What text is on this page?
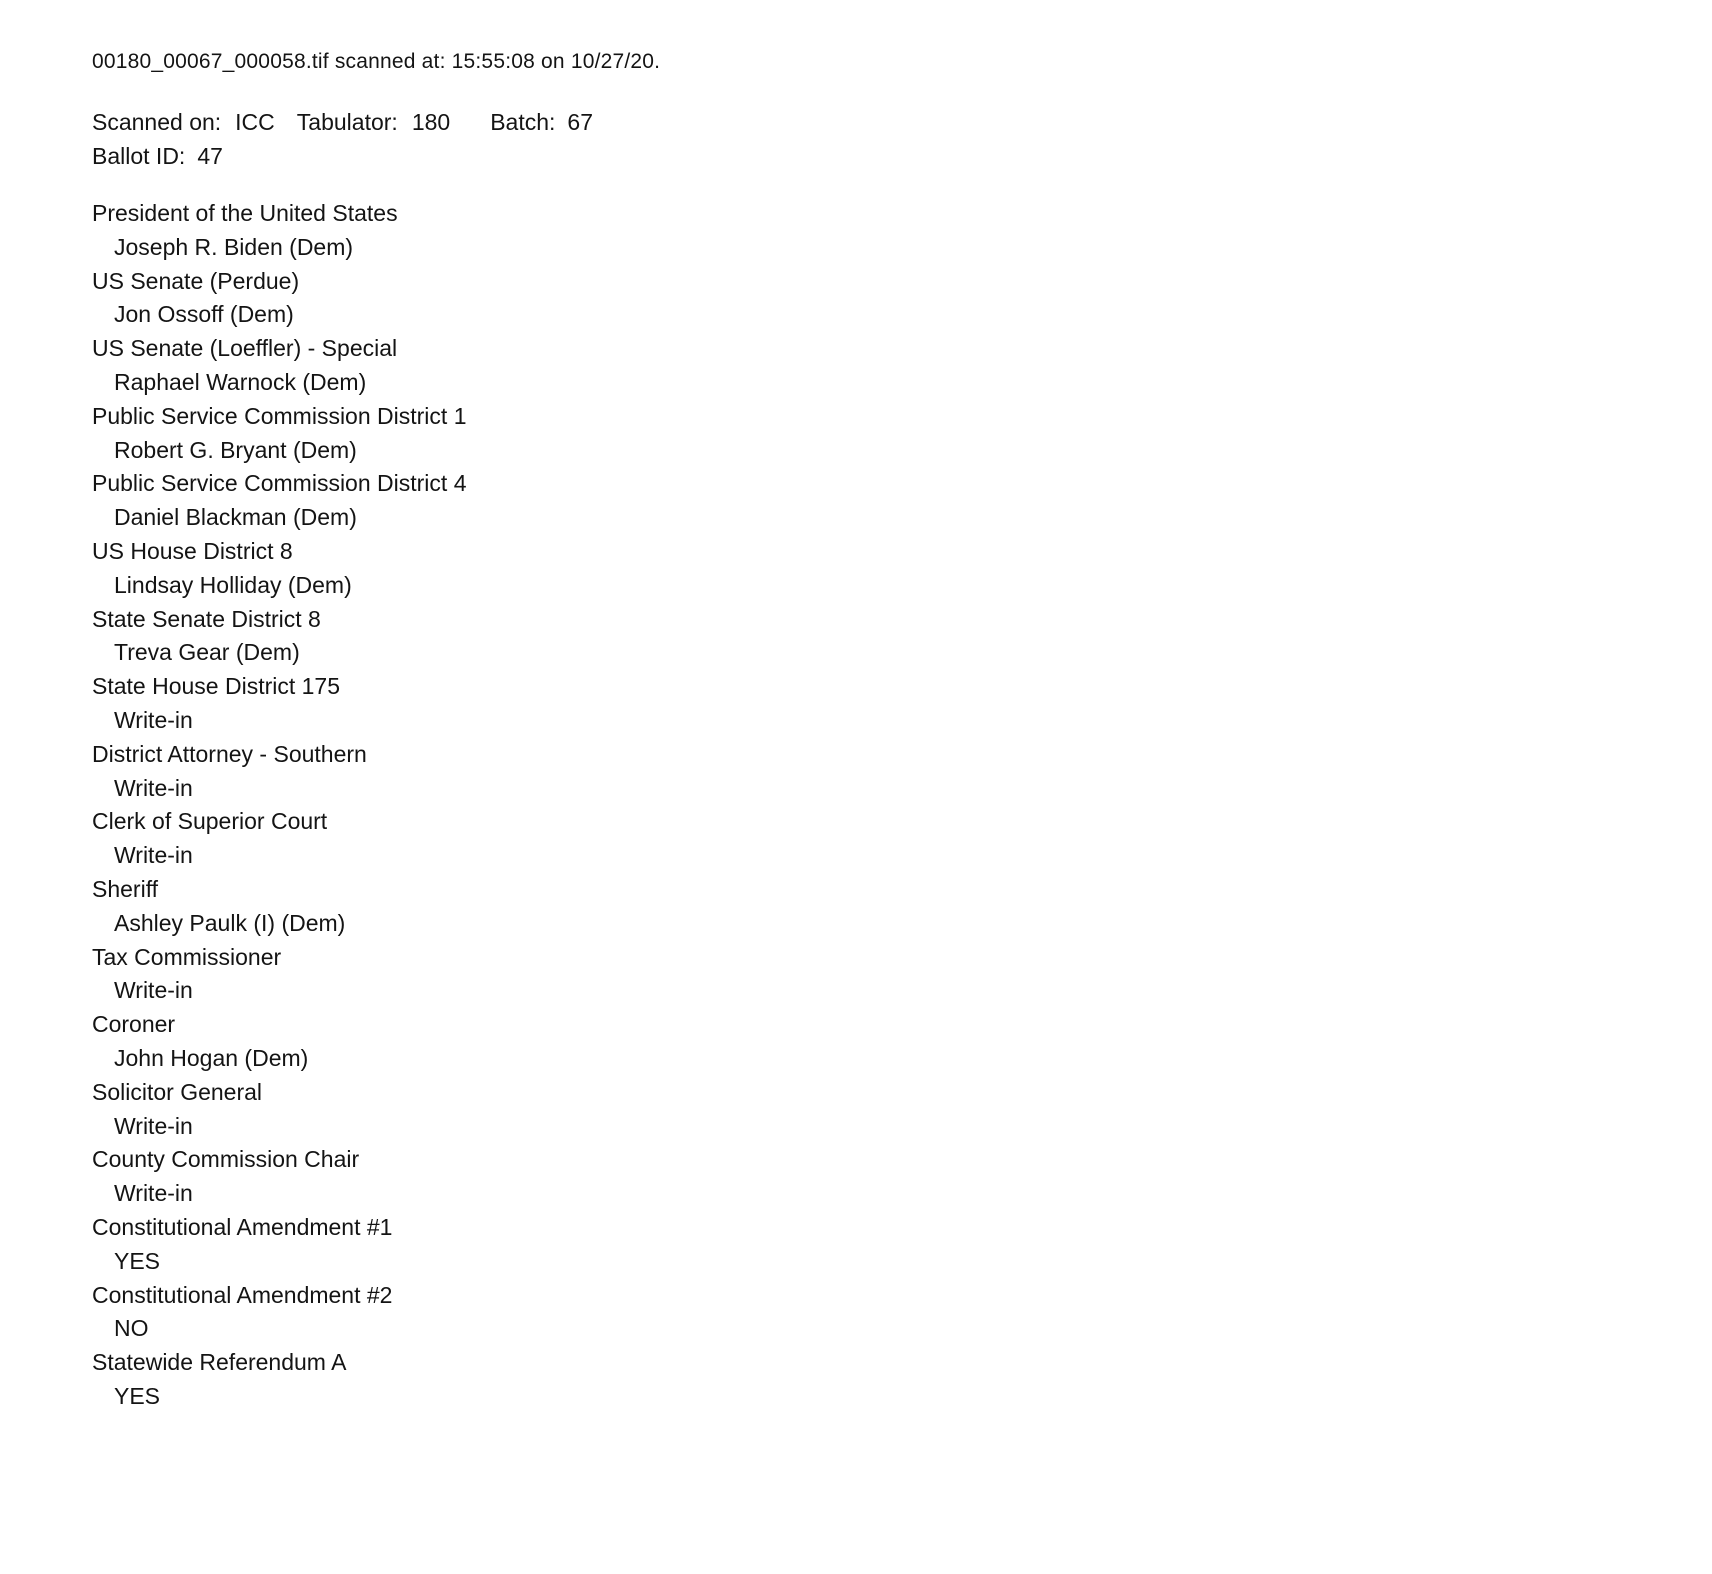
00180_00067_000058.tif scanned at: 15:55:08 on 10/27/20.
Scanned on: ICC Tabulator: 180 Batch: 67
Ballot ID: 47
President of the United States
Joseph R. Biden (Dem)
US Senate (Perdue)
Jon Ossoff (Dem)
US Senate (Loeffler) - Special
Raphael Warnock (Dem)
Public Service Commission District 1
Robert G. Bryant (Dem)
Public Service Commission District 4
Daniel Blackman (Dem)
US House District 8
Lindsay Holliday (Dem)
State Senate District 8
Treva Gear (Dem)
State House District 175
Write-in
District Attorney - Southern
Write-in
Clerk of Superior Court
Write-in
Sheriff
Ashley Paulk (I) (Dem)
Tax Commissioner
Write-in
Coroner
John Hogan (Dem)
Solicitor General
Write-in
County Commission Chair
Write-in
Constitutional Amendment #1
YES
Constitutional Amendment #2
NO
Statewide Referendum A
YES
